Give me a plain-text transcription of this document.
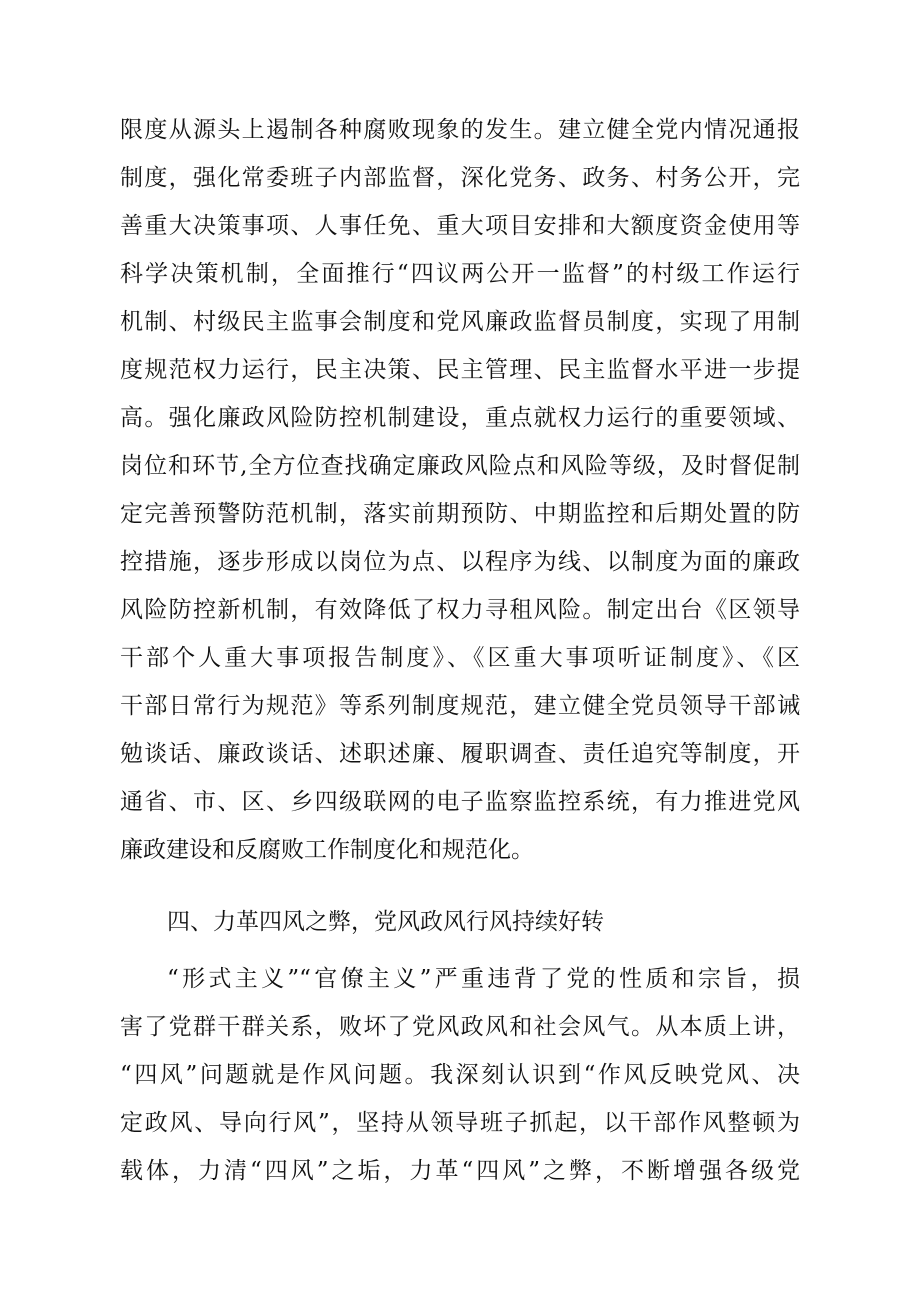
限度从源头上遏制各种腐败现象的发生。建立健全党内情况通报
制度，强化常委班子内部监督，深化党务、政务、村务公开，完
善重大决策事项、人事任免、重大项目安排和大额度资金使用等
科学决策机制，全面推行“四议两公开一监督”的村级工作运行
机制、村级民主监事会制度和党风廉政监督员制度，实现了用制
度规范权力运行，民主决策、民主管理、民主监督水平进一步提
高。强化廉政风险防控机制建设，重点就权力运行的重要领域、
岗位和环节,全方位查找确定廉政风险点和风险等级，及时督促制
定完善预警防范机制，落实前期预防、中期监控和后期处置的防
控措施，逐步形成以岗位为点、以程序为线、以制度为面的廉政
风险防控新机制，有效降低了权力寻租风险。制定出台《区领导
干部个人重大事项报告制度》、《区重大事项听证制度》、《区
干部日常行为规范》等系列制度规范，建立健全党员领导干部诫
勉谈话、廉政谈话、述职述廉、履职调查、责任追究等制度，开
通省、市、区、乡四级联网的电子监察监控系统，有力推进党风
廉政建设和反腐败工作制度化和规范化。
四、力革四风之弊，党风政风行风持续好转
“形式主义”“官僚主义”严重违背了党的性质和宗旨，损
害了党群干群关系，败坏了党风政风和社会风气。从本质上讲，
“四风”问题就是作风问题。我深刻认识到“作风反映党风、决
定政风、导向行风”，坚持从领导班子抓起，以干部作风整顿为
载体，力清“四风”之垢，力革“四风”之弊，不断增强各级党
